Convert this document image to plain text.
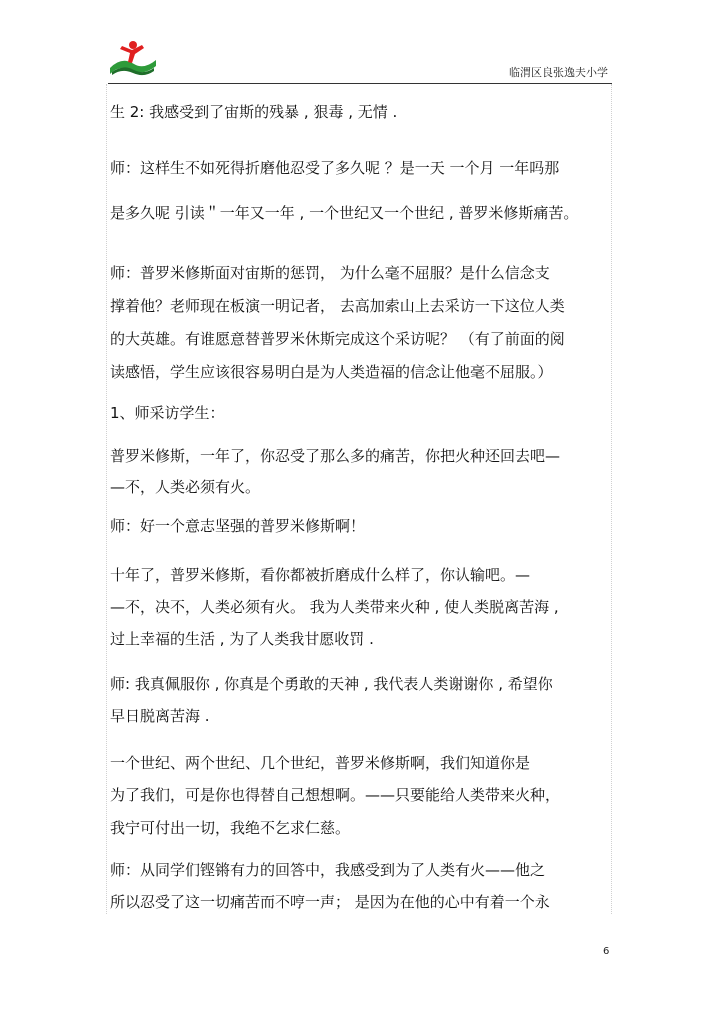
临渭区良张逸夫小学
生 2: 我感受到了宙斯的残暴 , 狠毒 , 无情 .
师：这样生不如死得折磨他忍受了多久呢 ？是一天 一个月 一年吗那
是多久呢 引读＂一年又一年 , 一个世纪又一个世纪 , 普罗米修斯痛苦。
师：普罗米修斯面对宙斯的惩罚， 为什么毫不屈服？是什么信念支
撑着他？老师现在板演一明记者， 去高加索山上去采访一下这位人类
的大英雄。有谁愿意替普罗米休斯完成这个采访呢？ （有了前面的阅
读感悟，学生应该很容易明白是为人类造福的信念让他毫不屈服。）
1、师采访学生：
普罗米修斯，一年了，你忍受了那么多的痛苦，你把火种还回去吧—
—不，人类必须有火。
师：好一个意志坚强的普罗米修斯啊！
十年了，普罗米修斯，看你都被折磨成什么样了，你认输吧。—
—不，决不，人类必须有火。 我为人类带来火种 , 使人类脱离苦海 ,
过上幸福的生活 , 为了人类我甘愿收罚 .
师: 我真佩服你 , 你真是个勇敢的天神 , 我代表人类谢谢你 , 希望你
早日脱离苦海 .
一个世纪、两个世纪、几个世纪，普罗米修斯啊，我们知道你是
为了我们，可是你也得替自己想想啊。——只要能给人类带来火种，
我宁可付出一切，我绝不乞求仁慈。
师：从同学们铿锵有力的回答中，我感受到为了人类有火——他之
所以忍受了这一切痛苦而不哼一声； 是因为在他的心中有着一个永
6
